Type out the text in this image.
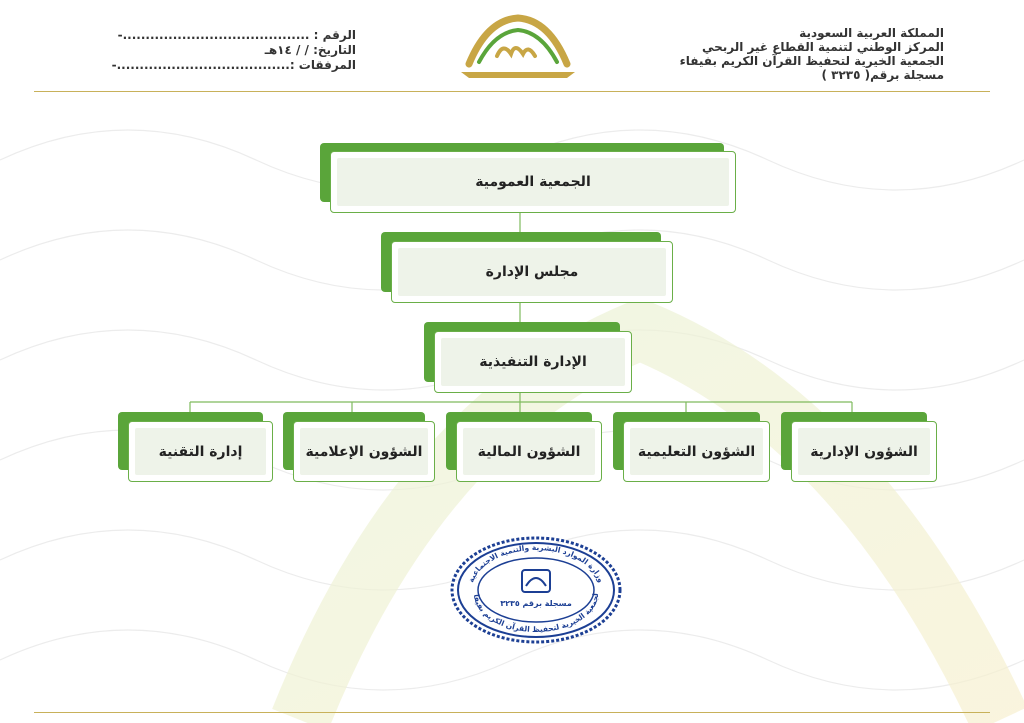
المملكة العربية السعودية
المركز الوطني لتنمية القطاع غير الربحي
الجمعية الخيرية لتحفيظ القرآن الكريم بفيفاء
مسجلة برقم( ٣٢٣٥ )
الرقم : .........................................-
التاريخ: / / ١٤هـ
المرفقات :......................................-
الجمعية العمومية
مجلس الإدارة
الإدارة التنفيذية
الشؤون الإدارية
الشؤون التعليمية
الشؤون المالية
الشؤون الإعلامية
إدارة التقنية
وزارة الموارد البشرية والتنمية الاجتماعية
لجمعية الخيرية لتحفيظ القرآن الكريم بفيفا
مسجلة برقم ٣٢٣٥
